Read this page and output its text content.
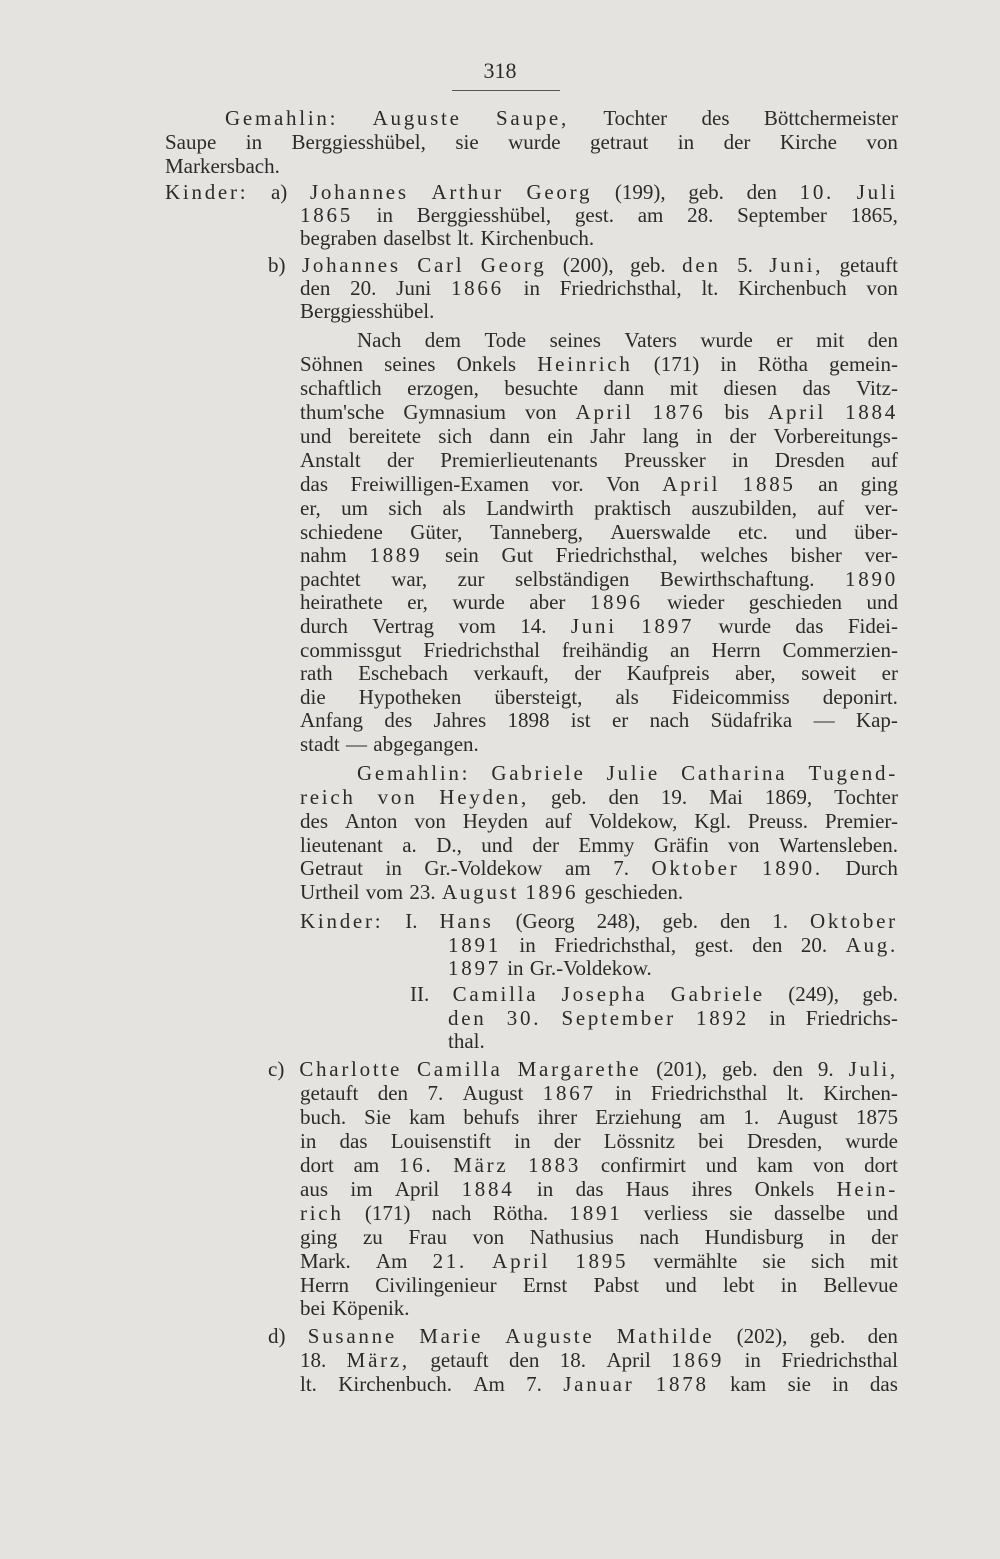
318
Gemahlin: Auguste Saupe, Tochter des Böttchermeister
Saupe in Berggiesshübel, sie wurde getraut in der Kirche von
Markersbach.
Kinder: a) Johannes Arthur Georg (199), geb. den 10. Juli
1865 in Berggiesshübel, gest. am 28. September 1865,
begraben daselbst lt. Kirchenbuch.
b) Johannes Carl Georg (200), geb. den 5. Juni, getauft
den 20. Juni 1866 in Friedrichsthal, lt. Kirchenbuch von
Berggiesshübel.
Nach dem Tode seines Vaters wurde er mit den
Söhnen seines Onkels Heinrich (171) in Rötha gemein-
schaftlich erzogen, besuchte dann mit diesen das Vitz-
thum'sche Gymnasium von April 1876 bis April 1884
und bereitete sich dann ein Jahr lang in der Vorbereitungs-
Anstalt der Premierlieutenants Preussker in Dresden auf
das Freiwilligen-Examen vor. Von April 1885 an ging
er, um sich als Landwirth praktisch auszubilden, auf ver-
schiedene Güter, Tanneberg, Auerswalde etc. und über-
nahm 1889 sein Gut Friedrichsthal, welches bisher ver-
pachtet war, zur selbständigen Bewirthschaftung. 1890
heirathete er, wurde aber 1896 wieder geschieden und
durch Vertrag vom 14. Juni 1897 wurde das Fidei-
commissgut Friedrichsthal freihändig an Herrn Commerzien-
rath Eschebach verkauft, der Kaufpreis aber, soweit er
die Hypotheken übersteigt, als Fideicommiss deponirt.
Anfang des Jahres 1898 ist er nach Südafrika — Kap-
stadt — abgegangen.
Gemahlin: Gabriele Julie Catharina Tugend-
reich von Heyden, geb. den 19. Mai 1869, Tochter
des Anton von Heyden auf Voldekow, Kgl. Preuss. Premier-
lieutenant a. D., und der Emmy Gräfin von Wartensleben.
Getraut in Gr.-Voldekow am 7. Oktober 1890. Durch
Urtheil vom 23. August 1896 geschieden.
Kinder: I. Hans (Georg 248), geb. den 1. Oktober
1891 in Friedrichsthal, gest. den 20. Aug.
1897 in Gr.-Voldekow.
II. Camilla Josepha Gabriele (249), geb.
den 30. September 1892 in Friedrichs-
thal.
c) Charlotte Camilla Margarethe (201), geb. den 9. Juli,
getauft den 7. August 1867 in Friedrichsthal lt. Kirchen-
buch. Sie kam behufs ihrer Erziehung am 1. August 1875
in das Louisenstift in der Lössnitz bei Dresden, wurde
dort am 16. März 1883 confirmirt und kam von dort
aus im April 1884 in das Haus ihres Onkels Hein-
rich (171) nach Rötha. 1891 verliess sie dasselbe und
ging zu Frau von Nathusius nach Hundisburg in der
Mark. Am 21. April 1895 vermählte sie sich mit
Herrn Civilingenieur Ernst Pabst und lebt in Bellevue
bei Köpenik.
d) Susanne Marie Auguste Mathilde (202), geb. den
18. März, getauft den 18. April 1869 in Friedrichsthal
lt. Kirchenbuch. Am 7. Januar 1878 kam sie in das
